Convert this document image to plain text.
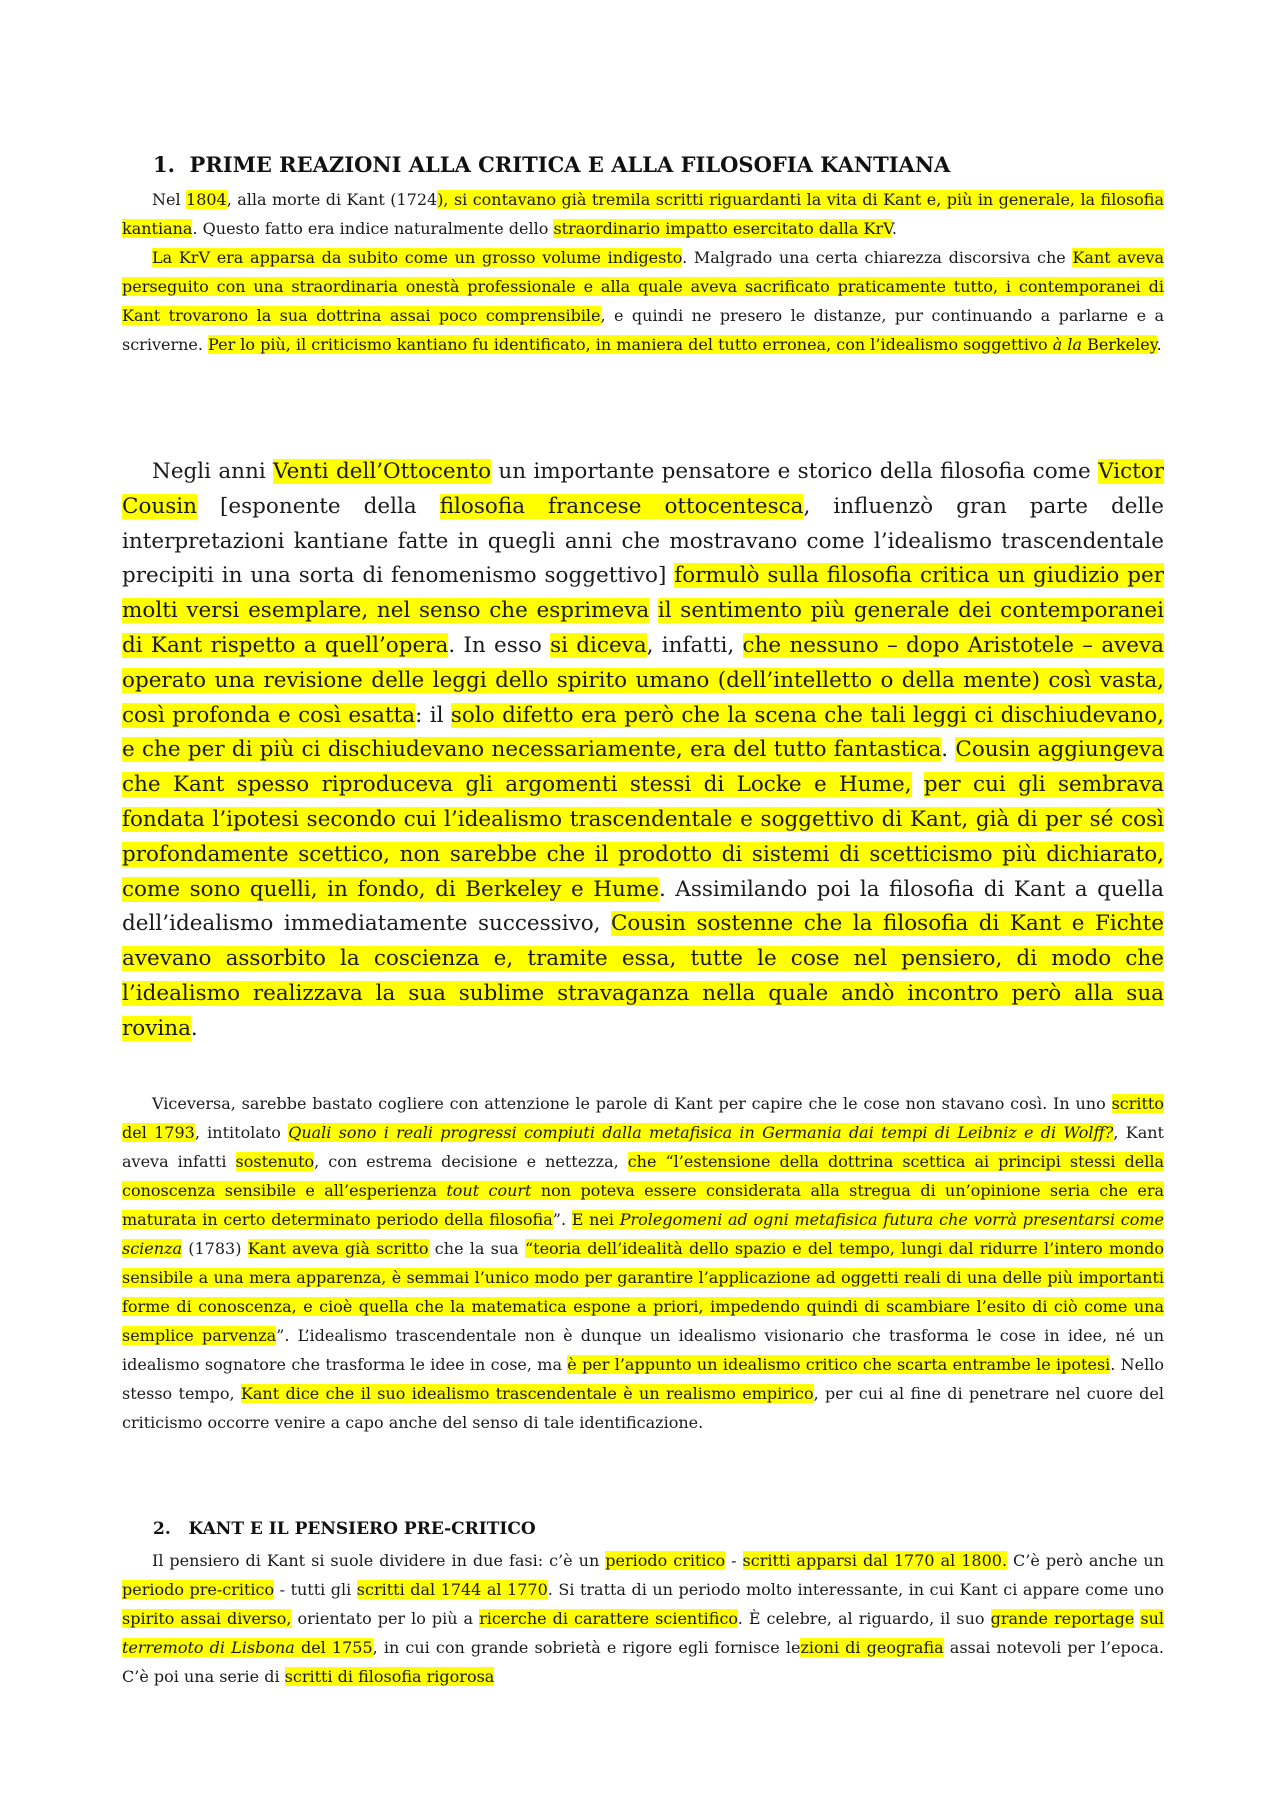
1.  PRIME REAZIONI ALLA CRITICA E ALLA FILOSOFIA KANTIANA

Nel 1804, alla morte di Kant (1724), si contavano già tremila scritti riguardanti la vita di Kant e, più in generale, la filosofia kantiana. Questo fatto era indice naturalmente dello straordinario impatto esercitato dalla KrV.

La KrV era apparsa da subito come un grosso volume indigesto. Malgrado una certa chiarezza discorsiva che Kant aveva perseguito con una straordinaria onestà professionale e alla quale aveva sacrificato praticamente tutto, i contemporanei di Kant trovarono la sua dottrina assai poco comprensibile, e quindi ne presero le distanze, pur continuando a parlarne e a scriverne. Per lo più, il criticismo kantiano fu identificato, in maniera del tutto erronea, con l’idealismo soggettivo à la Berkeley.

Negli anni Venti dell’Ottocento un importante pensatore e storico della filosofia come Victor Cousin [esponente della filosofia francese ottocentesca, influenzò gran parte delle interpretazioni kantiane fatte in quegli anni che mostravano come l’idealismo trascendentale precipiti in una sorta di fenomenismo soggettivo] formulò sulla filosofia critica un giudizio per molti versi esemplare, nel senso che esprimeva il sentimento più generale dei contemporanei di Kant rispetto a quell’opera. In esso si diceva, infatti, che nessuno – dopo Aristotele – aveva operato una revisione delle leggi dello spirito umano (dell’intelletto o della mente) così vasta, così profonda e così esatta: il solo difetto era però che la scena che tali leggi ci dischiudevano, e che per di più ci dischiudevano necessariamente, era del tutto fantastica. Cousin aggiungeva che Kant spesso riproduceva gli argomenti stessi di Locke e Hume, per cui gli sembrava fondata l’ipotesi secondo cui l’idealismo trascendentale e soggettivo di Kant, già di per sé così profondamente scettico, non sarebbe che il prodotto di sistemi di scetticismo più dichiarato, come sono quelli, in fondo, di Berkeley e Hume. Assimilando poi la filosofia di Kant a quella dell’idealismo immediatamente successivo, Cousin sostenne che la filosofia di Kant e Fichte avevano assorbito la coscienza e, tramite essa, tutte le cose nel pensiero, di modo che l’idealismo realizzava la sua sublime stravaganza nella quale andò incontro però alla sua rovina.

Viceversa, sarebbe bastato cogliere con attenzione le parole di Kant per capire che le cose non stavano così. In uno scritto del 1793, intitolato Quali sono i reali progressi compiuti dalla metafisica in Germania dai tempi di Leibniz e di Wolff?, Kant aveva infatti sostenuto, con estrema decisione e nettezza, che “l’estensione della dottrina scettica ai principi stessi della conoscenza sensibile e all’esperienza tout court non poteva essere considerata alla stregua di un’opinione seria che era maturata in certo determinato periodo della filosofia”. E nei Prolegomeni ad ogni metafisica futura che vorrà presentarsi come scienza (1783) Kant aveva già scritto che la sua “teoria dell’idealità dello spazio e del tempo, lungi dal ridurre l’intero mondo sensibile a una mera apparenza, è semmai l’unico modo per garantire l’applicazione ad oggetti reali di una delle più importanti forme di conoscenza, e cioè quella che la matematica espone a priori, impedendo quindi di scambiare l’esito di ciò come una semplice parvenza”. L’idealismo trascendentale non è dunque un idealismo visionario che trasforma le cose in idee, né un idealismo sognatore che trasforma le idee in cose, ma è per l’appunto un idealismo critico che scarta entrambe le ipotesi. Nello stesso tempo, Kant dice che il suo idealismo trascendentale è un realismo empirico, per cui al fine di penetrare nel cuore del criticismo occorre venire a capo anche del senso di tale identificazione.

2.   KANT E IL PENSIERO PRE-CRITICO

Il pensiero di Kant si suole dividere in due fasi: c’è un periodo critico - scritti apparsi dal 1770 al 1800. C’è però anche un periodo pre-critico - tutti gli scritti dal 1744 al 1770. Si tratta di un periodo molto interessante, in cui Kant ci appare come uno spirito assai diverso, orientato per lo più a ricerche di carattere scientifico. È celebre, al riguardo, il suo grande reportage sul terremoto di Lisbona del 1755, in cui con grande sobrietà e rigore egli fornisce lezioni di geografia assai notevoli per l’epoca. C’è poi una serie di scritti di filosofia rigorosa
